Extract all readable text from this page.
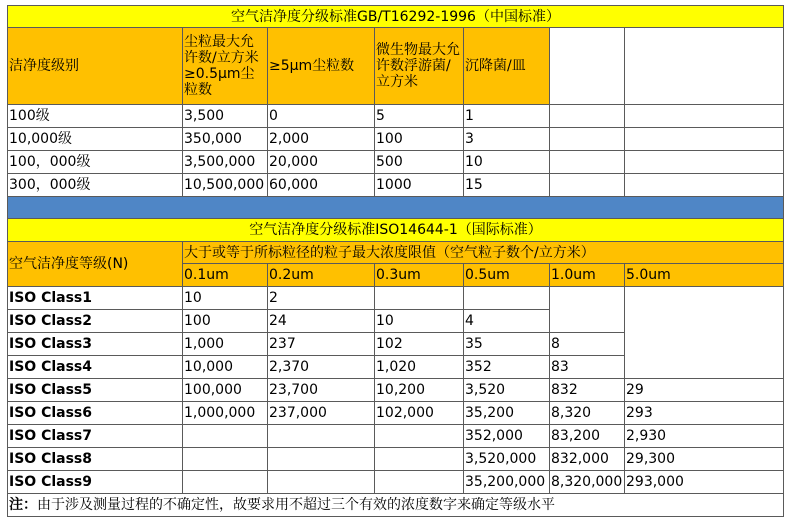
空气洁净度分级标准GB/T16292-1996（中国标准）						
洁净度级别	尘粒最大允许数/立方米≥0.5μm尘粒数	≥5μm尘粒数	微生物最大允许数浮游菌/立方米	沉降菌/皿		
100级	3,500	0	5	1		
10,000级	350,000	2,000	100	3		
100，000级	3,500,000	20,000	500	10		
300，000级	10,500,000	60,000	1000	15		

空气洁净度分级标准ISO14644-1（国际标准）						
空气洁净度等级(N)	大于或等于所标粒径的粒子最大浓度限值（空气粒子数个/立方米）					
	0.1um	0.2um	0.3um	0.5um	1.0um	5.0um
ISO Class1	10	2				
ISO Class2	100	24	10	4		
ISO Class3	1,000	237	102	35	8	
ISO Class4	10,000	2,370	1,020	352	83	
ISO Class5	100,000	23,700	10,200	3,520	832	29
ISO Class6	1,000,000	237,000	102,000	35,200	8,320	293
ISO Class7				352,000	83,200	2,930
ISO Class8				3,520,000	832,000	29,300
ISO Class9				35,200,000	8,320,000	293,000
注：由于涉及测量过程的不确定性，故要求用不超过三个有效的浓度数字来确定等级水平						
